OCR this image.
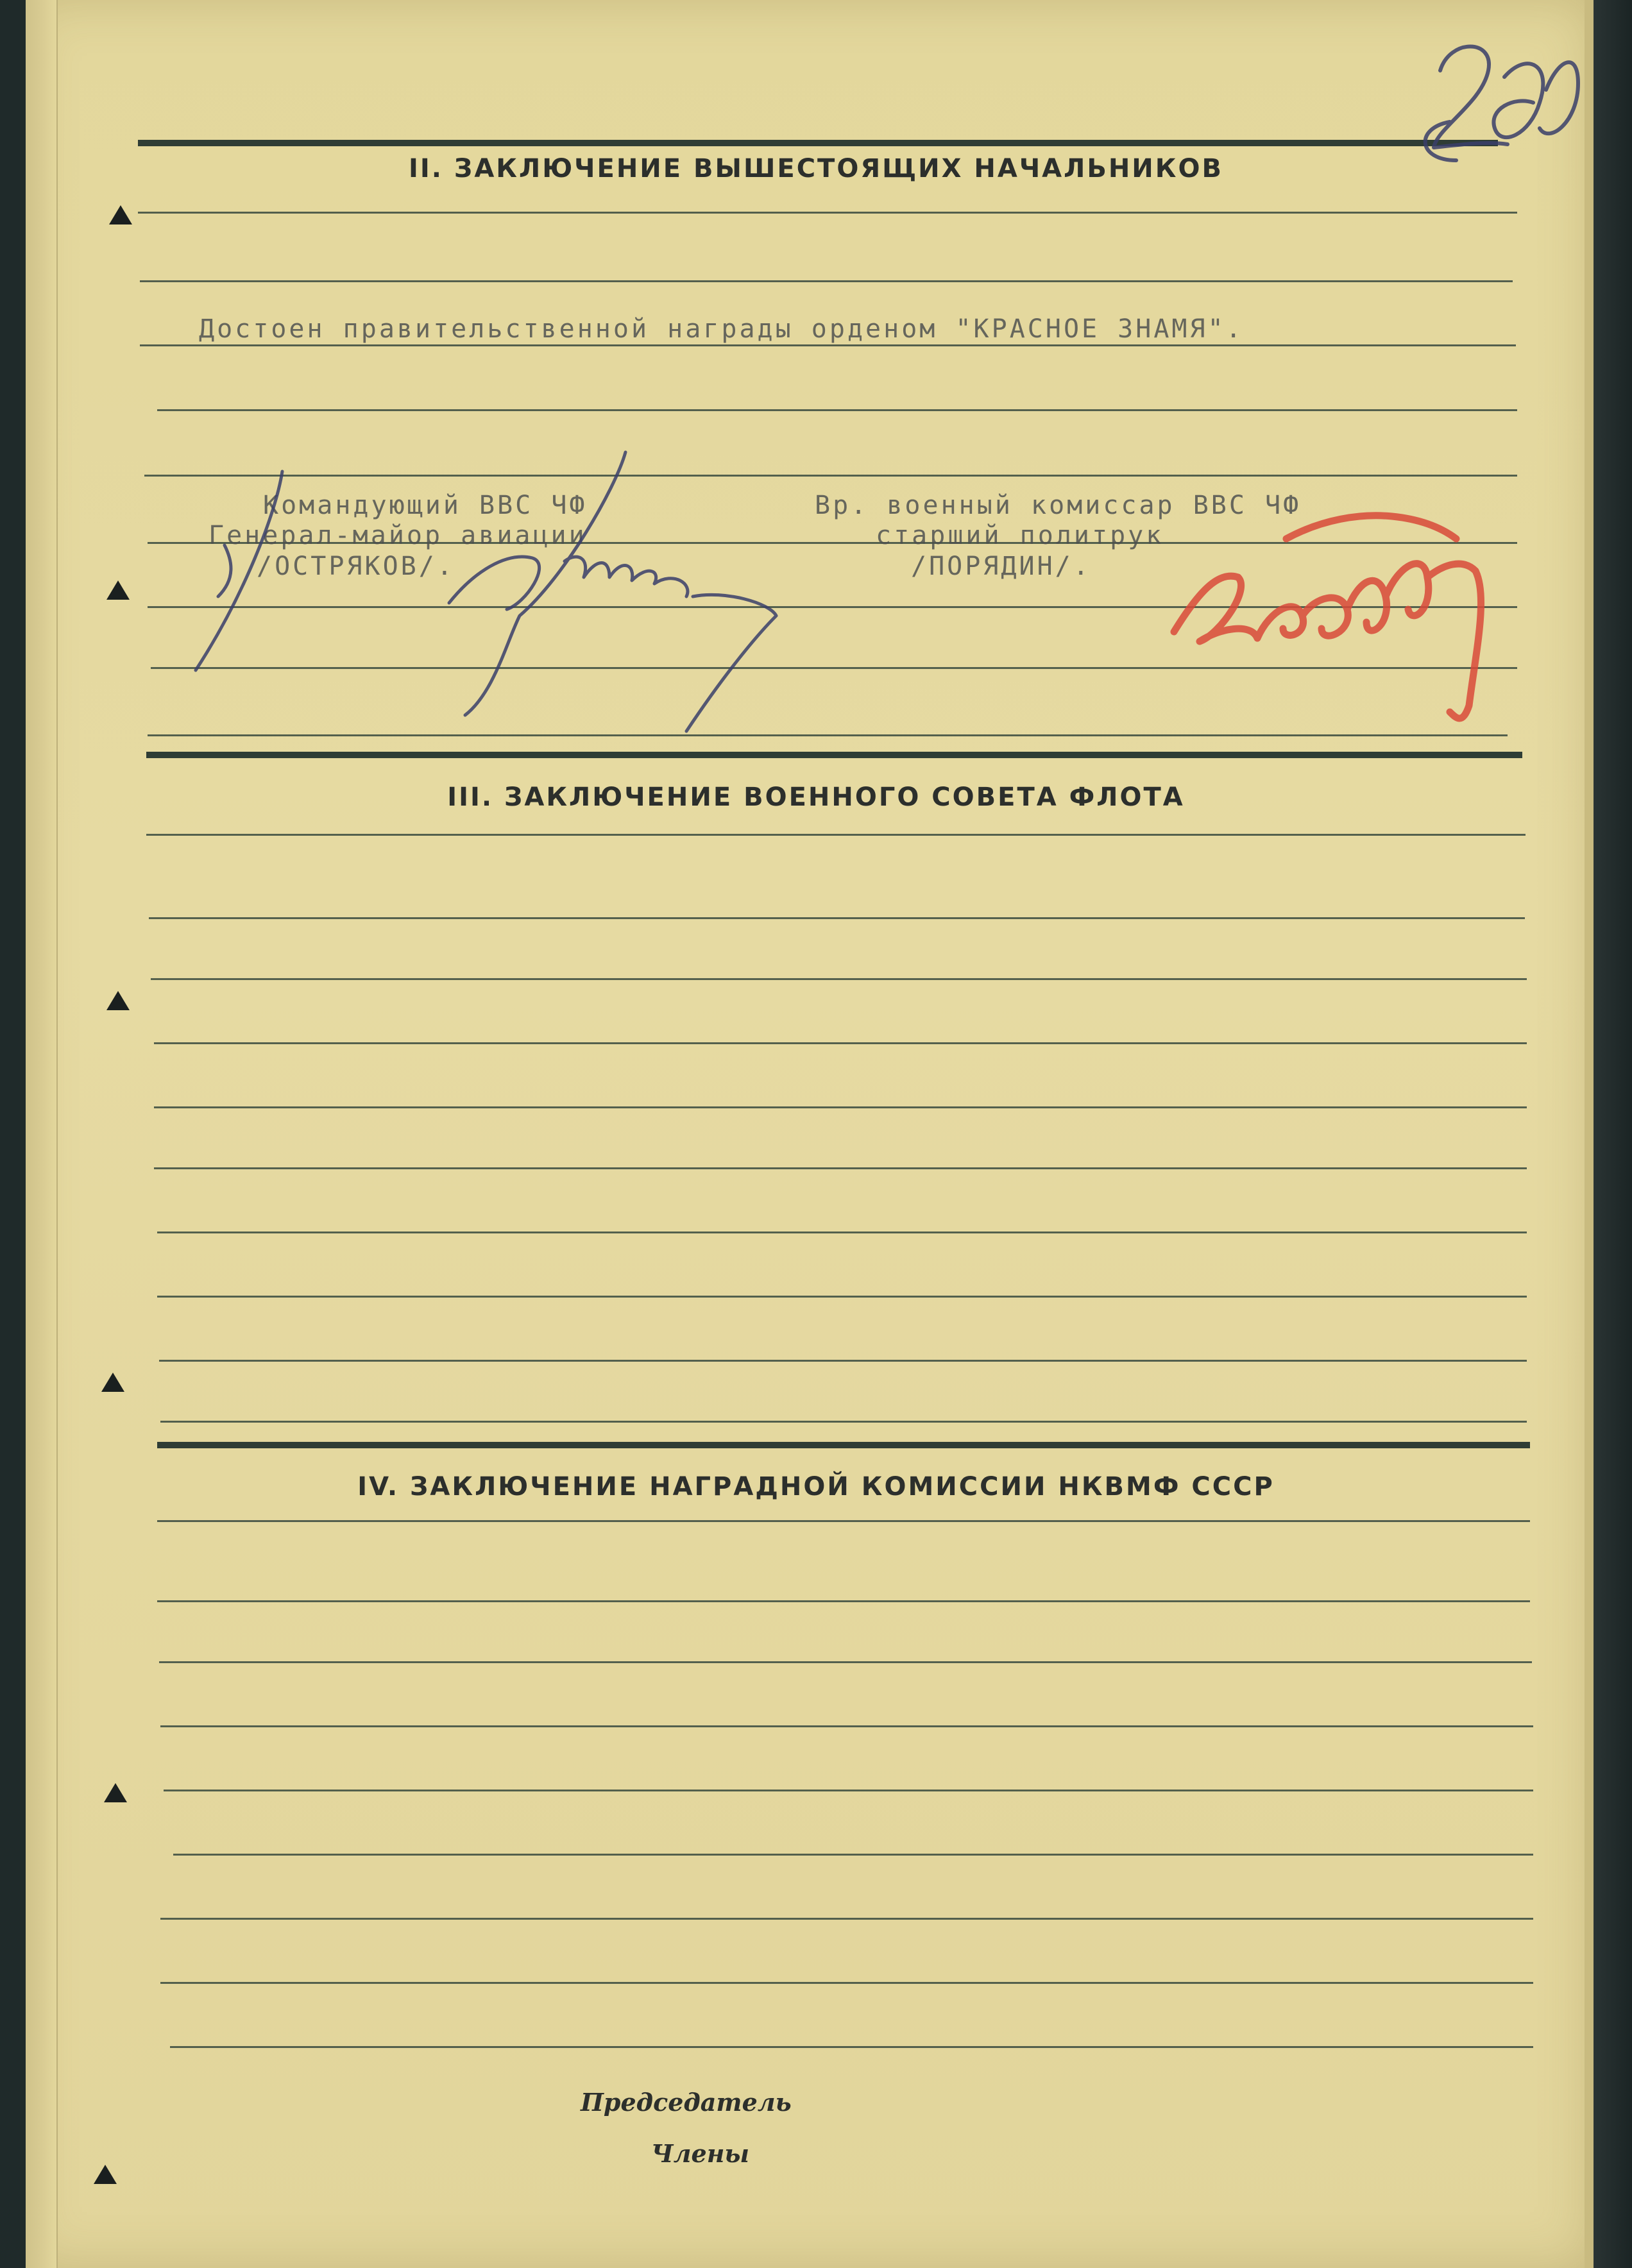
II. ЗАКЛЮЧЕНИЕ ВЫШЕСТОЯЩИХ НАЧАЛЬНИКОВ
Достоен правительственной награды орденом "КРАСНОЕ ЗНАМЯ".
Командующий ВВС ЧФ
Генерал-майор авиации
/ОСТРЯКОВ/.
Вр. военный комиссар ВВС ЧФ
старший политрук
/ПОРЯДИН/.
III. ЗАКЛЮЧЕНИЕ ВОЕННОГО СОВЕТА ФЛОТА
IV. ЗАКЛЮЧЕНИЕ НАГРАДНОЙ КОМИССИИ НКВМФ СССР
Председатель
Члены
